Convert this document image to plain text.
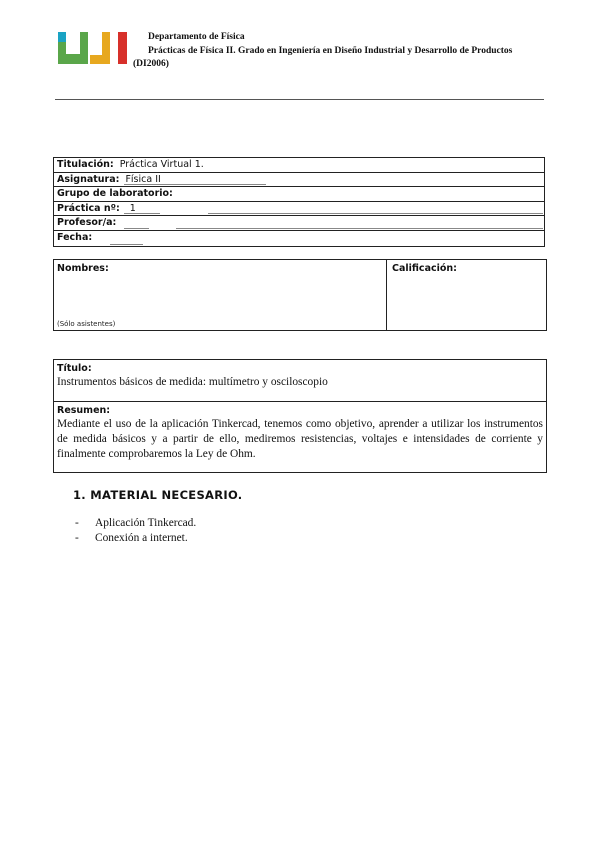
Departamento de Física
Prácticas de Física II. Grado en Ingeniería en Diseño Industrial y Desarrollo de Productos
(DI2006)
Titulación: Práctica Virtual 1.
Asignatura: Física II
Grupo de laboratorio:
Práctica nº: 1
Profesor/a:
Fecha:
Nombres:
(Sólo asistentes)
Calificación:
Título:
Instrumentos básicos de medida: multímetro y osciloscopio
Resumen:
Mediante el uso de la aplicación Tinkercad, tenemos como objetivo, aprender a utilizar los instrumentos de medida básicos y a partir de ello, mediremos resistencias, voltajes e intensidades de corriente y finalmente comprobaremos la Ley de Ohm.
1. MATERIAL NECESARIO.
- Aplicación Tinkercad.
- Conexión a internet.
